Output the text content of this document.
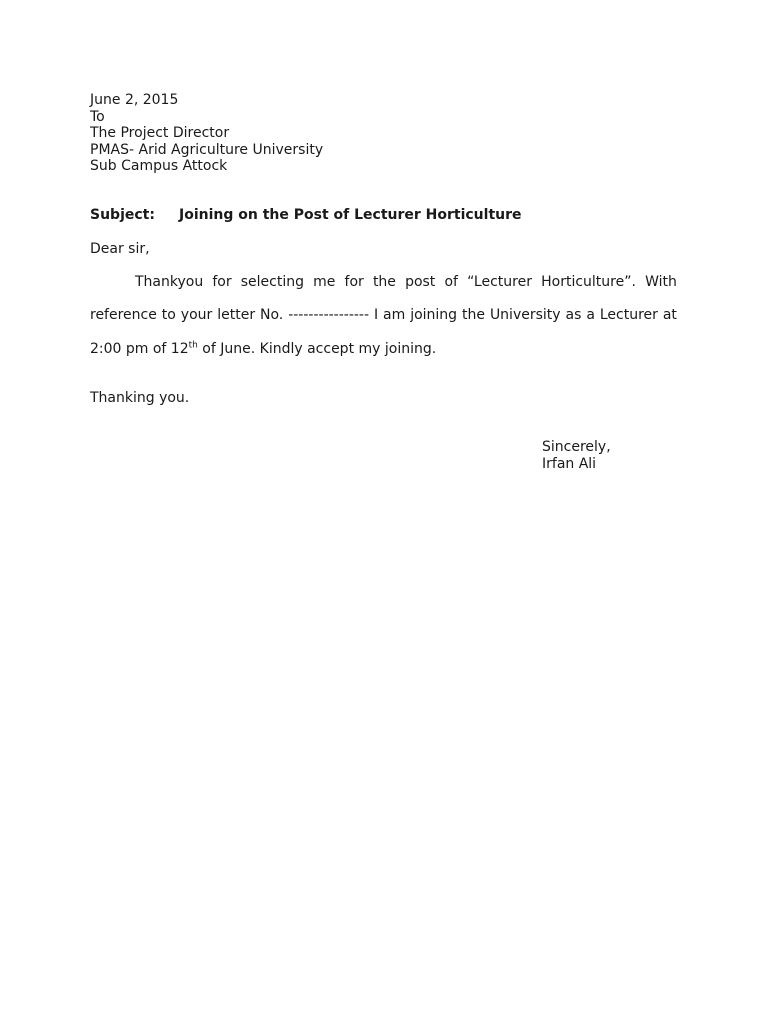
June 2, 2015
To
The Project Director
PMAS- Arid Agriculture University
Sub Campus Attock
Subject: Joining on the Post of Lecturer Horticulture
Dear sir,
Thankyou for selecting me for the post of “Lecturer Horticulture”. With
reference to your letter No. ---------------- I am joining the University as a Lecturer at
2:00 pm of 12th of June. Kindly accept my joining.
Thanking you.
Sincerely,
Irfan Ali
